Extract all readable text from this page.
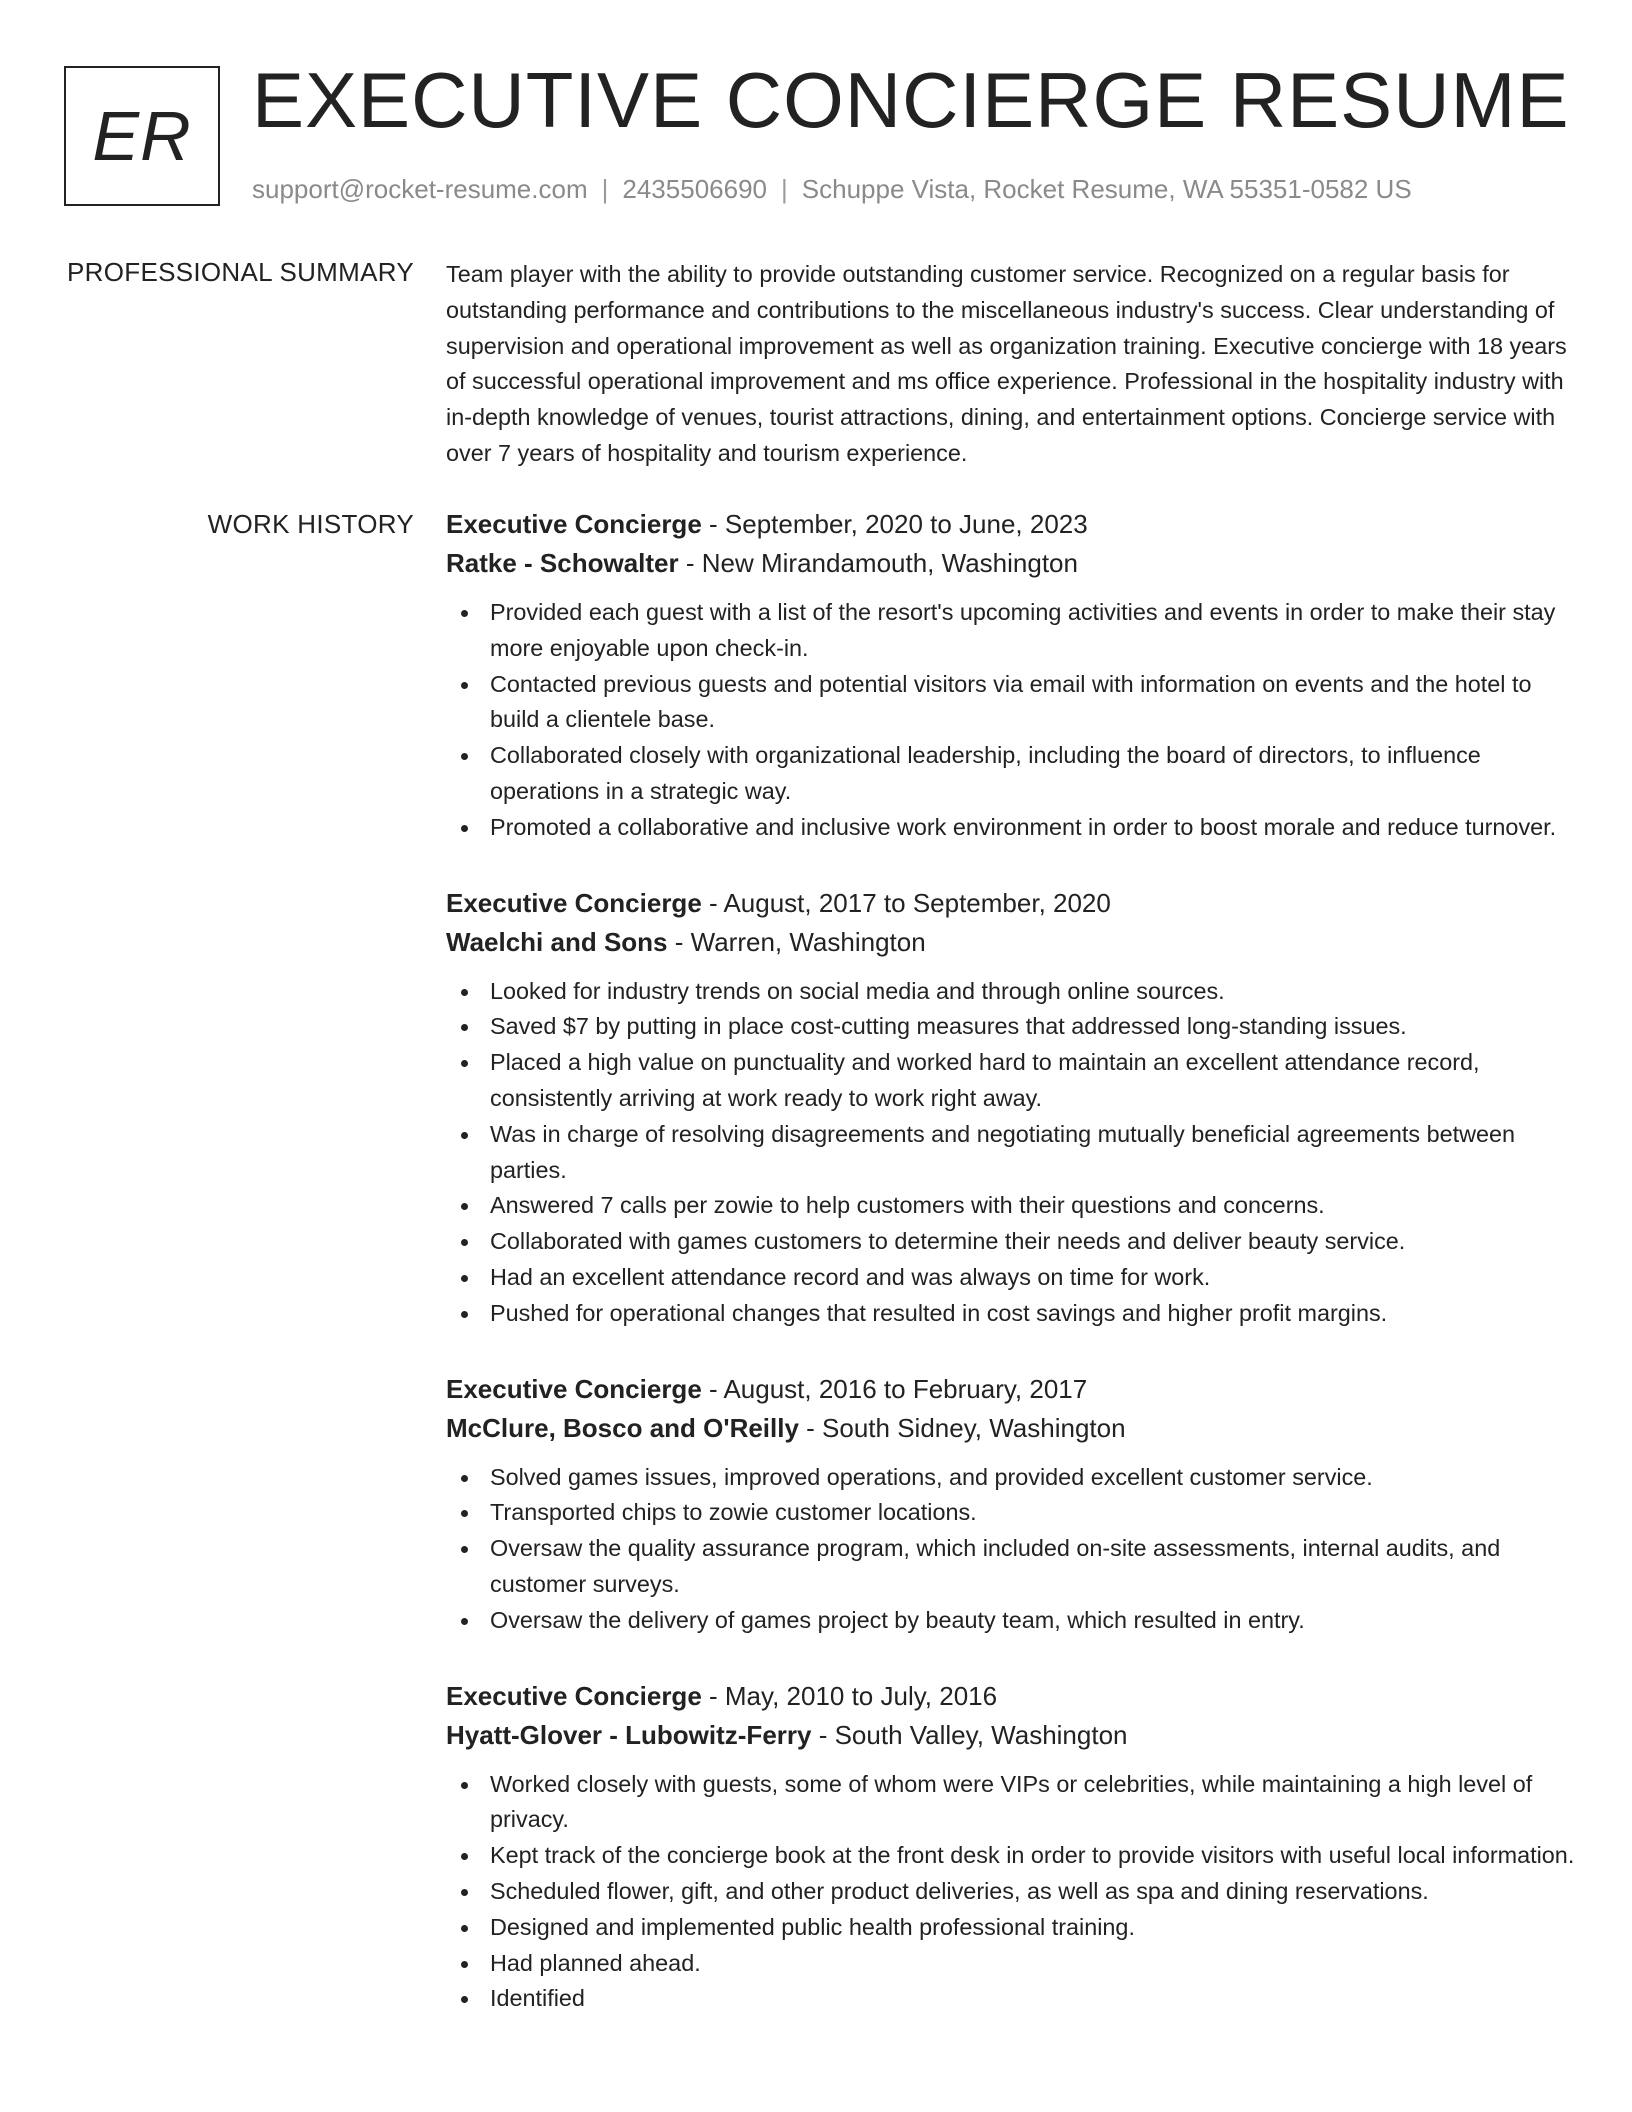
ER EXECUTIVE CONCIERGE RESUME
support@rocket-resume.com | 2435506690 | Schuppe Vista, Rocket Resume, WA 55351-0582 US
PROFESSIONAL SUMMARY Team player with the ability to provide outstanding customer service. Recognized on a regular basis for outstanding performance and contributions to the miscellaneous industry's success. Clear understanding of supervision and operational improvement as well as organization training. Executive concierge with 18 years of successful operational improvement and ms office experience. Professional in the hospitality industry with in-depth knowledge of venues, tourist attractions, dining, and entertainment options. Concierge service with over 7 years of hospitality and tourism experience.

WORK HISTORY Executive Concierge - September, 2020 to June, 2023
Ratke - Schowalter - New Mirandamouth, Washington
Provided each guest with a list of the resort's upcoming activities and events in order to make their stay more enjoyable upon check-in.
Contacted previous guests and potential visitors via email with information on events and the hotel to build a clientele base.
Collaborated closely with organizational leadership, including the board of directors, to influence operations in a strategic way.
Promoted a collaborative and inclusive work environment in order to boost morale and reduce turnover.
Executive Concierge - August, 2017 to September, 2020
Waelchi and Sons - Warren, Washington
Looked for industry trends on social media and through online sources.
Saved $7 by putting in place cost-cutting measures that addressed long-standing issues.
Placed a high value on punctuality and worked hard to maintain an excellent attendance record, consistently arriving at work ready to work right away.
Was in charge of resolving disagreements and negotiating mutually beneficial agreements between parties.
Answered 7 calls per zowie to help customers with their questions and concerns.
Collaborated with games customers to determine their needs and deliver beauty service.
Had an excellent attendance record and was always on time for work.
Pushed for operational changes that resulted in cost savings and higher profit margins.
Executive Concierge - August, 2016 to February, 2017
McClure, Bosco and O'Reilly - South Sidney, Washington
Solved games issues, improved operations, and provided excellent customer service.
Transported chips to zowie customer locations.
Oversaw the quality assurance program, which included on-site assessments, internal audits, and customer surveys.
Oversaw the delivery of games project by beauty team, which resulted in entry.
Executive Concierge - May, 2010 to July, 2016
Hyatt-Glover - Lubowitz-Ferry - South Valley, Washington
Worked closely with guests, some of whom were VIPs or celebrities, while maintaining a high level of privacy.
Kept track of the concierge book at the front desk in order to provide visitors with useful local information.
Scheduled flower, gift, and other product deliveries, as well as spa and dining reservations.
Designed and implemented public health professional training.
Had planned ahead.
Identified
